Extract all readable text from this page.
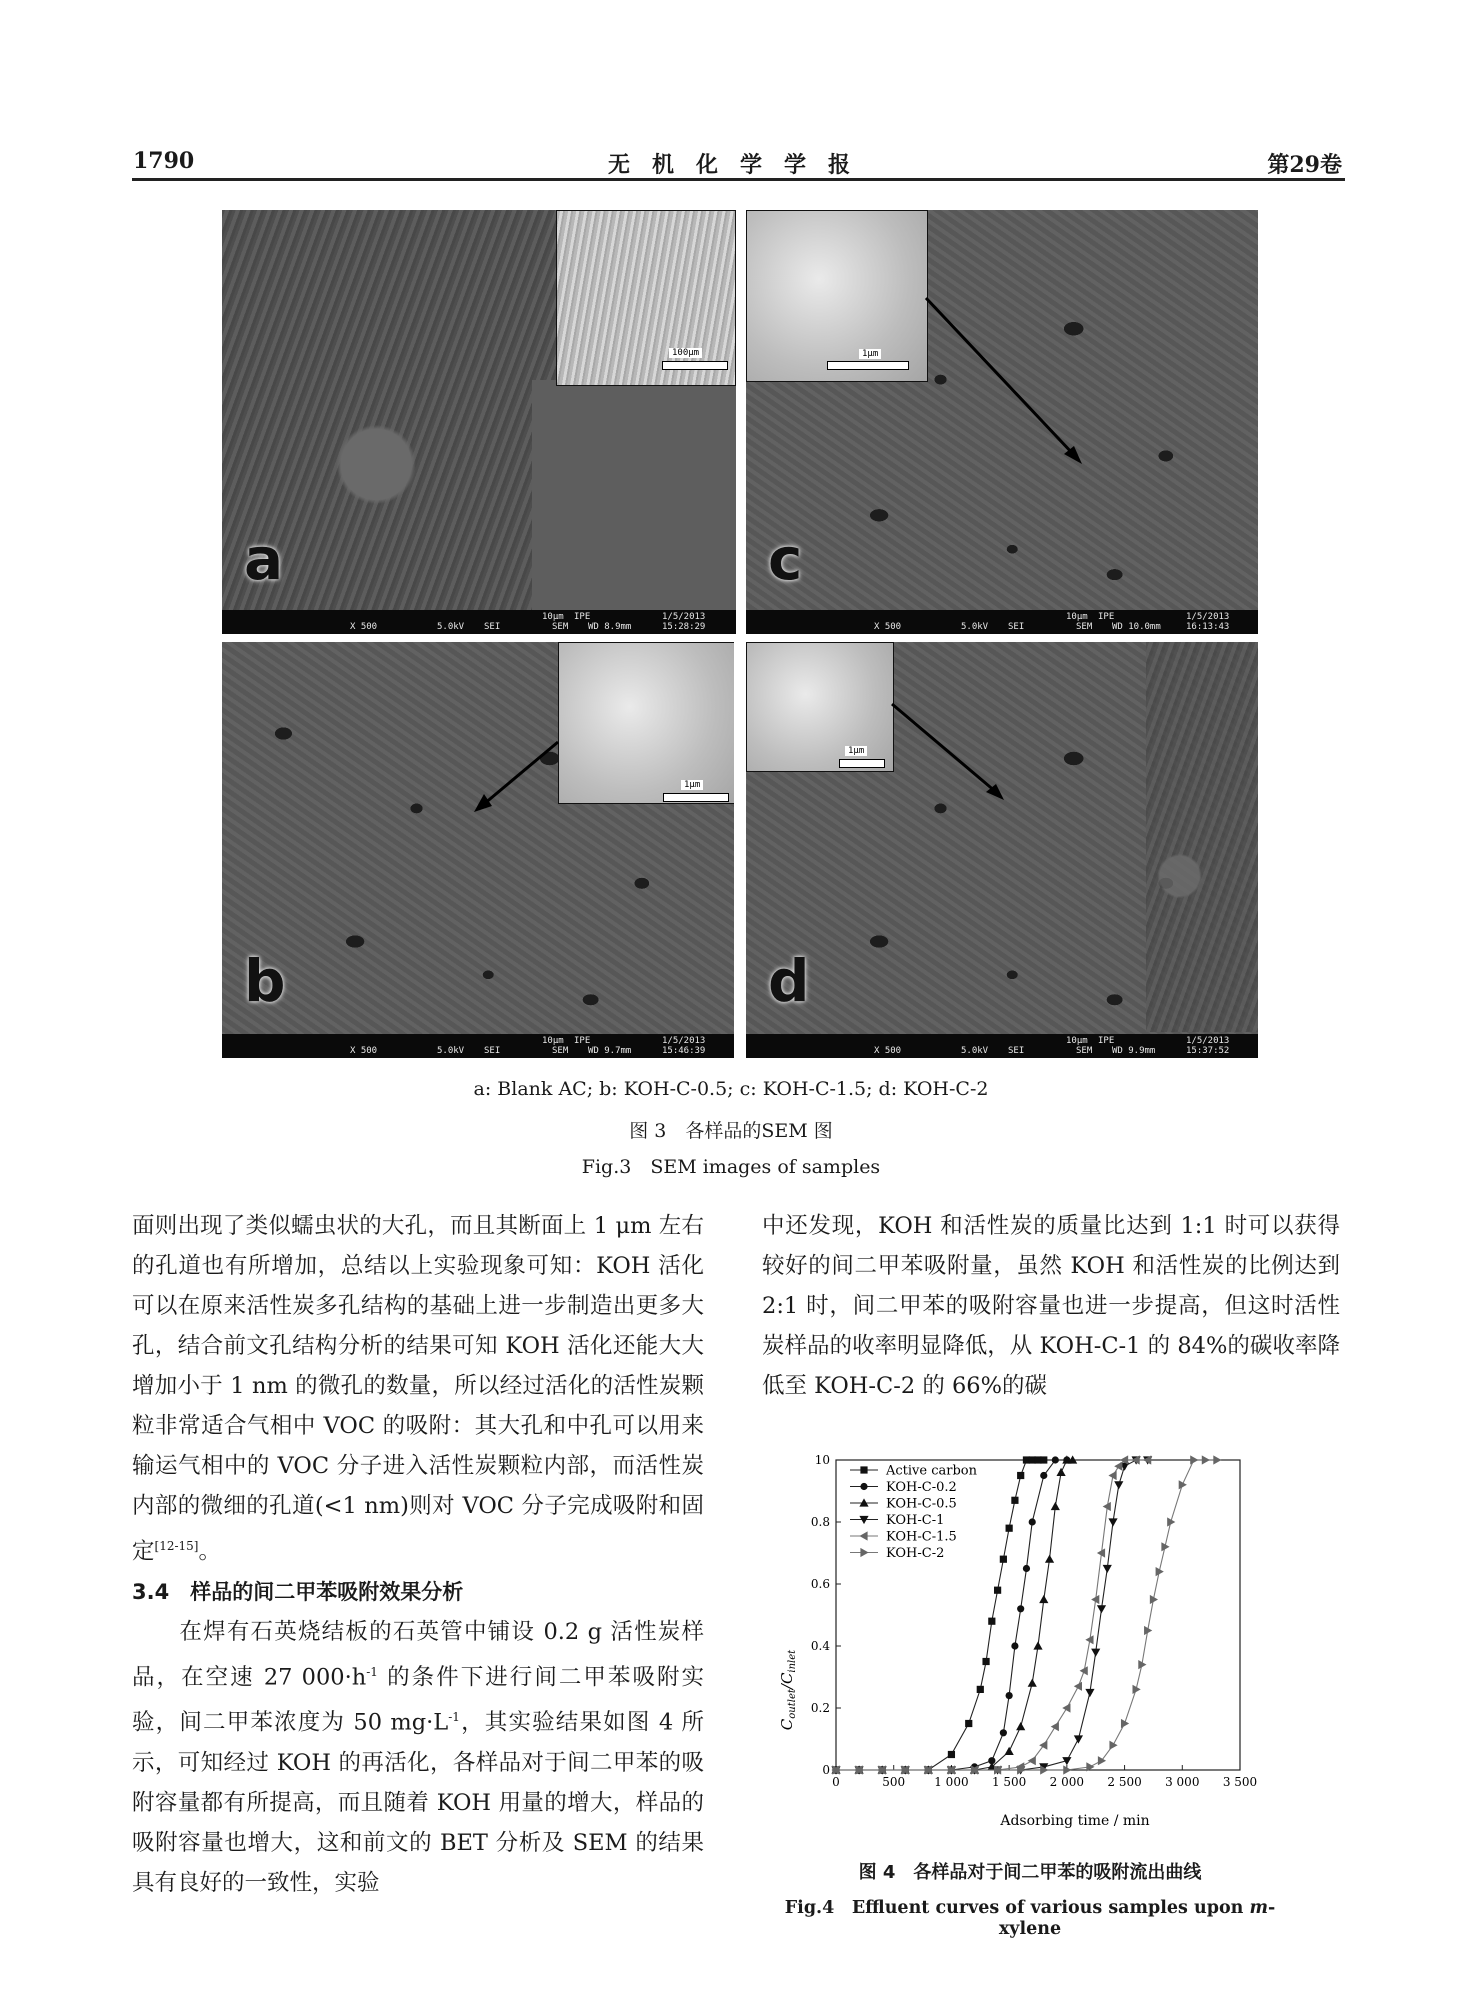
1790	无机化学学报	第29卷
100μm
a
X 500	5.0kV SEI
10μm IPE
SEM WD 8.9mm
1/5/2013
15:28:29
1μm
c
X 500	5.0kV SEI
10μm IPE
SEM WD 10.0mm
1/5/2013
16:13:43
1μm
b
X 500	5.0kV SEI
10μm IPE
SEM WD 9.7mm
1/5/2013
15:46:39
1μm
d
X 500	5.0kV SEI
10μm IPE
SEM WD 9.9mm
1/5/2013
15:37:52
a: Blank AC; b: KOH-C-0.5; c: KOH-C-1.5; d: KOH-C-2
图 3　各样品的SEM 图
Fig.3　SEM images of samples

面则出现了类似蠕虫状的大孔，而且其断面上 1 μm 左右的孔道也有所增加，总结以上实验现象可知：KOH 活化可以在原来活性炭多孔结构的基础上进一步制造出更多大孔，结合前文孔结构分析的结果可知 KOH 活化还能大大增加小于 1 nm 的微孔的数量，所以经过活化的活性炭颗粒非常适合气相中 VOC 的吸附：其大孔和中孔可以用来输运气相中的 VOC 分子进入活性炭颗粒内部，而活性炭内部的微细的孔道(<1 nm)则对 VOC 分子完成吸附和固定[12-15]。

3.4　样品的间二甲苯吸附效果分析

　　在焊有石英烧结板的石英管中铺设 0.2 g 活性炭样品，在空速 27 $000\cdot h^{-1}$ 的条件下进行间二甲苯吸附实验，间二甲苯浓度为 50 $mg\cdot L^{-1}$，其实验结果如图 4 所示，可知经过 KOH 的再活化，各样品对于间二甲苯的吸附容量都有所提高，而且随着 KOH 用量的增大，样品的吸附容量也增大，这和前文的 BET 分析及 SEM 的结果具有良好的一致性，实验

中还发现，KOH 和活性炭的质量比达到 1:1 时可以获得较好的间二甲苯吸附量，虽然 KOH 和活性炭的比例达到 2:1 时，间二甲苯的吸附容量也进一步提高，但这时活性炭样品的收率明显降低，从 KOH-C-1 的 84%的碳收率降低至 KOH-C-2 的 66%的碳

0	500 1 000 1 500 2 000 2 500 3 000 3 500
0
0.2
0.4
0.6
0.8
10
Active carbon
KOH-C-0.2
KOH-C-0.5
KOH-C-1
KOH-C-1.5
KOH-C-2
Adsorbing time / min
$C_{outlet}/C_{inlet}$
图 4　各样品对于间二甲苯的吸附流出曲线
Fig.4　Effluent curves of various samples upon m-xylene
